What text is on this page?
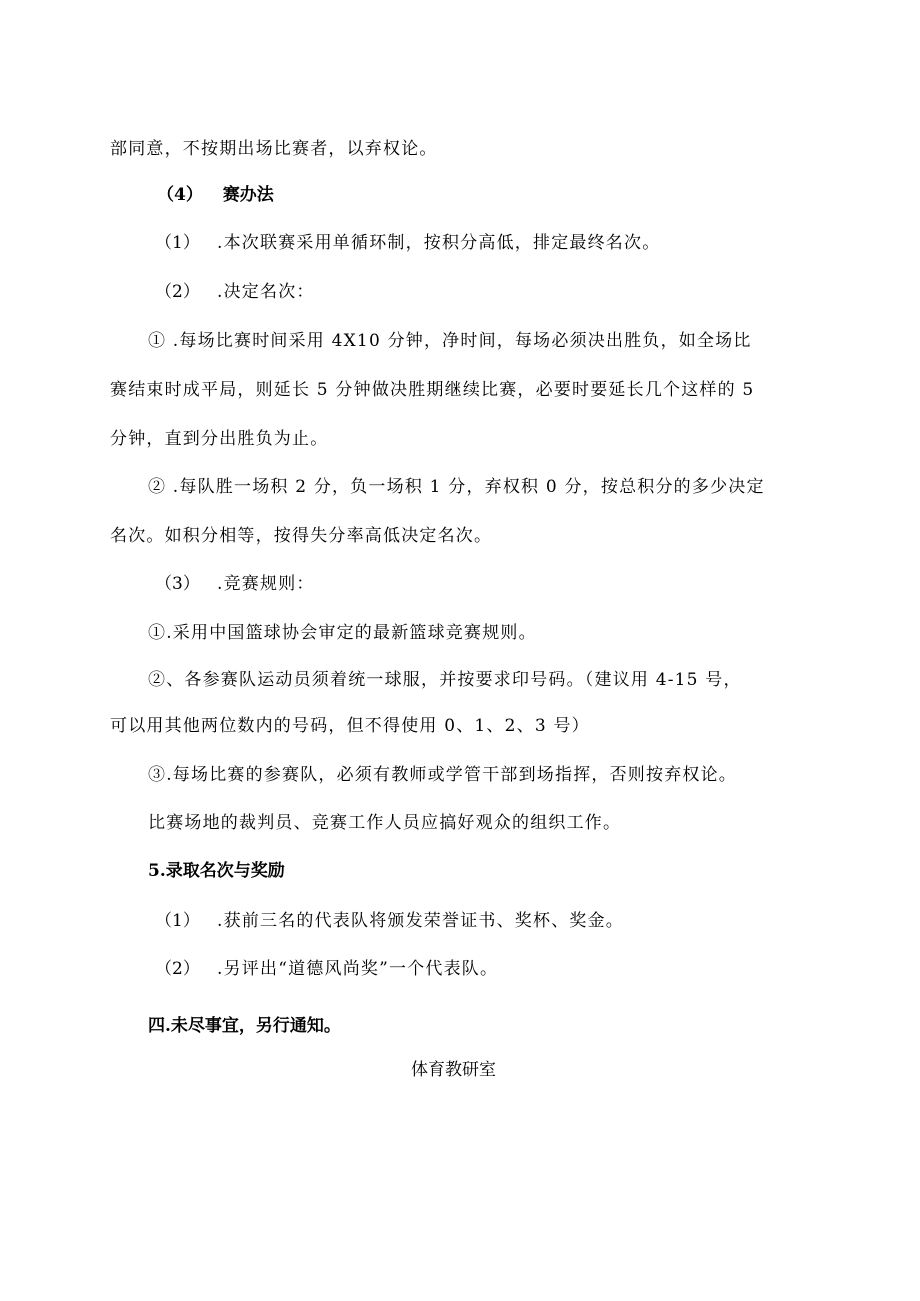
部同意，不按期出场比赛者，以弃权论。
（4） 赛办法
（1） .本次联赛采用单循环制，按积分高低，排定最终名次。
（2） .决定名次：
① .每场比赛时间采用 4X10 分钟，净时间，每场必须决出胜负，如全场比
赛结束时成平局，则延长 5 分钟做决胜期继续比赛，必要时要延长几个这样的 5
分钟，直到分出胜负为止。
② .每队胜一场积 2 分，负一场积 1 分，弃权积 0 分，按总积分的多少决定
名次。如积分相等，按得失分率高低决定名次。
（3） .竞赛规则：
①.采用中国篮球协会审定的最新篮球竞赛规则。
②、各参赛队运动员须着统一球服，并按要求印号码。（建议用 4-15 号，
可以用其他两位数内的号码，但不得使用 0、1、2、3 号）
③.每场比赛的参赛队，必须有教师或学管干部到场指挥，否则按弃权论。
比赛场地的裁判员、竞赛工作人员应搞好观众的组织工作。
5.录取名次与奖励
（1） .获前三名的代表队将颁发荣誉证书、奖杯、奖金。
（2） .另评出“道德风尚奖”一个代表队。
四.未尽事宜，另行通知。
体育教研室
